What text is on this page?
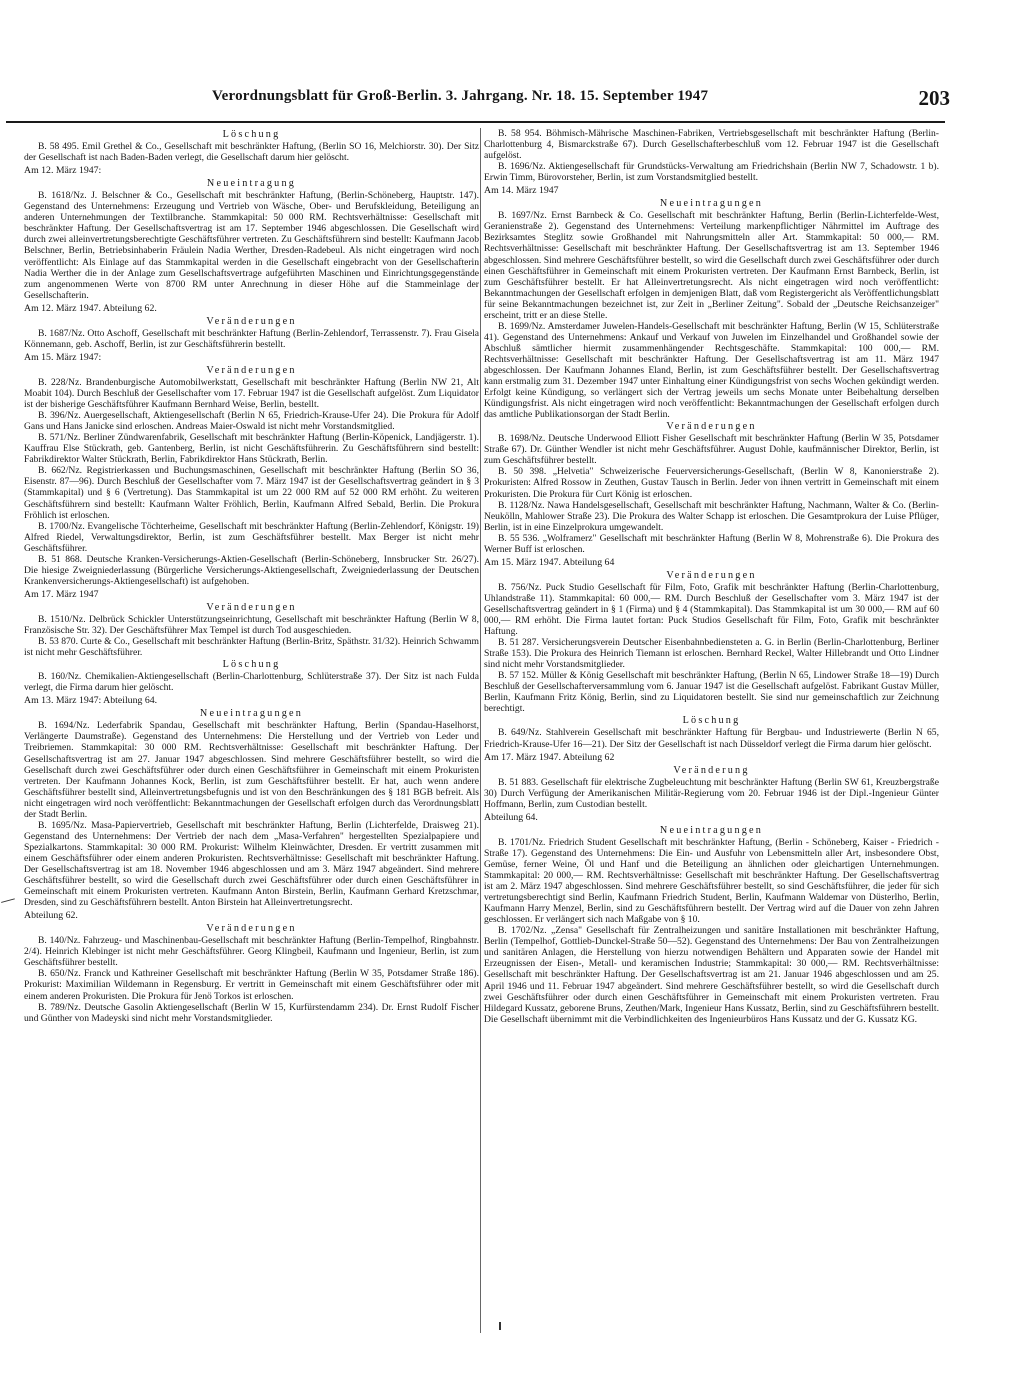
Verordnungsblatt für Groß-Berlin. 3. Jahrgang. Nr. 18. 15. September 1947	203

Löschung

B. 58 495. Emil Grethel & Co., Gesellschaft mit beschränkter Haftung, (Berlin SO 16, Melchiorstr. 30). Der Sitz der Gesellschaft ist nach Baden-Baden verlegt, die Gesellschaft darum hier gelöscht.

Am 12. März 1947:

Neueintragung

B. 1618/Nz. J. Belschner & Co., Gesellschaft mit beschränkter Haftung, (Berlin-Schöneberg, Hauptstr. 147). Gegenstand des Unternehmens: Erzeugung und Vertrieb von Wäsche, Ober- und Berufskleidung, Beteiligung an anderen Unternehmungen der Textilbranche. Stammkapital: 50 000 RM. Rechtsverhältnisse: Gesellschaft mit beschränkter Haftung. Der Gesellschaftsvertrag ist am 17. September 1946 abgeschlossen. Die Gesellschaft wird durch zwei alleinvertretungsberechtigte Geschäftsführer vertreten. Zu Geschäftsführern sind bestellt: Kaufmann Jacob Belschner, Berlin, Betriebsinhaberin Fräulein Nadia Werther, Dresden-Radebeul. Als nicht eingetragen wird noch veröffentlicht: Als Einlage auf das Stammkapital werden in die Gesellschaft eingebracht von der Gesellschafterin Nadia Werther die in der Anlage zum Gesellschaftsvertrage aufgeführten Maschinen und Einrichtungsgegenstände zum angenommenen Werte von 8700 RM unter Anrechnung in dieser Höhe auf die Stammeinlage der Gesellschafterin.

Am 12. März 1947. Abteilung 62.

Veränderungen

B. 1687/Nz. Otto Aschoff, Gesellschaft mit beschränkter Haftung (Berlin-Zehlendorf, Terrassenstr. 7). Frau Gisela Könnemann, geb. Aschoff, Berlin, ist zur Geschäftsführerin bestellt.

Am 15. März 1947:

Veränderungen

B. 228/Nz. Brandenburgische Automobilwerkstatt, Gesellschaft mit beschränkter Haftung (Berlin NW 21, Alt Moabit 104). Durch Beschluß der Gesellschafter vom 17. Februar 1947 ist die Gesellschaft aufgelöst. Zum Liquidator ist der bisherige Geschäftsführer Kaufmann Bernhard Weise, Berlin, bestellt.

B. 396/Nz. Auergesellschaft, Aktiengesellschaft (Berlin N 65, Friedrich-Krause-Ufer 24). Die Prokura für Adolf Gans und Hans Janicke sind erloschen. Andreas Maier-Oswald ist nicht mehr Vorstandsmitglied.

B. 571/Nz. Berliner Zündwarenfabrik, Gesellschaft mit beschränkter Haftung (Berlin-Köpenick, Landjägerstr. 1). Kauffrau Else Stückrath, geb. Gantenberg, Berlin, ist nicht Geschäftsführerin. Zu Geschäftsführern sind bestellt: Fabrikdirektor Walter Stückrath, Berlin, Fabrikdirektor Hans Stückrath, Berlin.

B. 662/Nz. Registrierkassen und Buchungsmaschinen, Gesellschaft mit beschränkter Haftung (Berlin SO 36, Eisenstr. 87—96). Durch Beschluß der Gesellschafter vom 7. März 1947 ist der Gesellschaftsvertrag geändert in § 3 (Stammkapital) und § 6 (Vertretung). Das Stammkapital ist um 22 000 RM auf 52 000 RM erhöht. Zu weiteren Geschäftsführern sind bestellt: Kaufmann Walter Fröhlich, Berlin, Kaufmann Alfred Sebald, Berlin. Die Prokura Fröhlich ist erloschen.

B. 1700/Nz. Evangelische Töchterheime, Gesellschaft mit beschränkter Haftung (Berlin-Zehlendorf, Königstr. 19) Alfred Riedel, Verwaltungsdirektor, Berlin, ist zum Geschäftsführer bestellt. Max Berger ist nicht mehr Geschäftsführer.

B. 51 868. Deutsche Kranken-Versicherungs-Aktien-Gesellschaft (Berlin-Schöneberg, Innsbrucker Str. 26/27). Die hiesige Zweigniederlassung (Bürgerliche Versicherungs-Aktiengesellschaft, Zweigniederlassung der Deutschen Krankenversicherungs-Aktiengesellschaft) ist aufgehoben.

Am 17. März 1947

Veränderungen

B. 1510/Nz. Delbrück Schickler Unterstützungseinrichtung, Gesellschaft mit beschränkter Haftung (Berlin W 8, Französische Str. 32). Der Geschäftsführer Max Tempel ist durch Tod ausgeschieden.

B. 53 870. Curte & Co., Gesellschaft mit beschränkter Haftung (Berlin-Britz, Späthstr. 31/32). Heinrich Schwamm ist nicht mehr Geschäftsführer.

Löschung

B. 160/Nz. Chemikalien-Aktiengesellschaft (Berlin-Charlottenburg, Schlüterstraße 37). Der Sitz ist nach Fulda verlegt, die Firma darum hier gelöscht.

Am 13. März 1947: Abteilung 64.

Neueintragungen

B. 1694/Nz. Lederfabrik Spandau, Gesellschaft mit beschränkter Haftung, Berlin (Spandau-Haselhorst, Verlängerte Daumstraße). Gegenstand des Unternehmens: Die Herstellung und der Vertrieb von Leder und Treibriemen. Stammkapital: 30 000 RM. Rechtsverhältnisse: Gesellschaft mit beschränkter Haftung. Der Gesellschaftsvertrag ist am 27. Januar 1947 abgeschlossen. Sind mehrere Geschäftsführer bestellt, so wird die Gesellschaft durch zwei Geschäftsführer oder durch einen Geschäftsführer in Gemeinschaft mit einem Prokuristen vertreten. Der Kaufmann Johannes Kock, Berlin, ist zum Geschäftsführer bestellt. Er hat, auch wenn andere Geschäftsführer bestellt sind, Alleinvertretungsbefugnis und ist von den Beschränkungen des § 181 BGB befreit. Als nicht eingetragen wird noch veröffentlicht: Bekanntmachungen der Gesellschaft erfolgen durch das Verordnungsblatt der Stadt Berlin.

B. 1695/Nz. Masa-Papiervertrieb, Gesellschaft mit beschränkter Haftung, Berlin (Lichterfelde, Draisweg 21). Gegenstand des Unternehmens: Der Vertrieb der nach dem „Masa-Verfahren" hergestellten Spezialpapiere und Spezialkartons. Stammkapital: 30 000 RM. Prokurist: Wilhelm Kleinwächter, Dresden. Er vertritt zusammen mit einem Geschäftsführer oder einem anderen Prokuristen. Rechtsverhältnisse: Gesellschaft mit beschränkter Haftung. Der Gesellschaftsvertrag ist am 18. November 1946 abgeschlossen und am 3. März 1947 abgeändert. Sind mehrere Geschäftsführer bestellt, so wird die Gesellschaft durch zwei Geschäftsführer oder durch einen Geschäftsführer in Gemeinschaft mit einem Prokuristen vertreten. Kaufmann Anton Birstein, Berlin, Kaufmann Gerhard Kretzschmar, Dresden, sind zu Geschäftsführern bestellt. Anton Birstein hat Alleinvertretungsrecht.

Abteilung 62.

Veränderungen

B. 140/Nz. Fahrzeug- und Maschinenbau-Gesellschaft mit beschränkter Haftung (Berlin-Tempelhof, Ringbahnstr. 2/4). Heinrich Klebinger ist nicht mehr Geschäftsführer. Georg Klingbeil, Kaufmann und Ingenieur, Berlin, ist zum Geschäftsführer bestellt.

B. 650/Nz. Franck und Kathreiner Gesellschaft mit beschränkter Haftung (Berlin W 35, Potsdamer Straße 186). Prokurist: Maximilian Wildemann in Regensburg. Er vertritt in Gemeinschaft mit einem Geschäftsführer oder mit einem anderen Prokuristen. Die Prokura für Jenö Torkos ist erloschen.

B. 789/Nz. Deutsche Gasolin Aktiengesellschaft (Berlin W 15, Kurfürstendamm 234). Dr. Ernst Rudolf Fischer und Günther von Madeyski sind nicht mehr Vorstandsmitglieder.

B. 58 954. Böhmisch-Mährische Maschinen-Fabriken, Vertriebsgesellschaft mit beschränkter Haftung (Berlin-Charlottenburg 4, Bismarckstraße 67). Durch Gesellschafterbeschluß vom 12. Februar 1947 ist die Gesellschaft aufgelöst.

B. 1696/Nz. Aktiengesellschaft für Grundstücks-Verwaltung am Friedrichshain (Berlin NW 7, Schadowstr. 1 b). Erwin Timm, Bürovorsteher, Berlin, ist zum Vorstandsmitglied bestellt.

Am 14. März 1947

Neueintragungen

B. 1697/Nz. Ernst Barnbeck & Co. Gesellschaft mit beschränkter Haftung, Berlin (Berlin-Lichterfelde-West, Geranienstraße 2). Gegenstand des Unternehmens: Verteilung markenpflichtiger Nährmittel im Auftrage des Bezirksamtes Steglitz sowie Großhandel mit Nahrungsmitteln aller Art. Stammkapital: 50 000,— RM. Rechtsverhältnisse: Gesellschaft mit beschränkter Haftung. Der Gesellschaftsvertrag ist am 13. September 1946 abgeschlossen. Sind mehrere Geschäftsführer bestellt, so wird die Gesellschaft durch zwei Geschäftsführer oder durch einen Geschäftsführer in Gemeinschaft mit einem Prokuristen vertreten. Der Kaufmann Ernst Barnbeck, Berlin, ist zum Geschäftsführer bestellt. Er hat Alleinvertretungsrecht. Als nicht eingetragen wird noch veröffentlicht: Bekanntmachungen der Gesellschaft erfolgen in demjenigen Blatt, daß vom Registergericht als Veröffentlichungsblatt für seine Bekanntmachungen bezeichnet ist, zur Zeit in „Berliner Zeitung". Sobald der „Deutsche Reichsanzeiger" erscheint, tritt er an diese Stelle.

B. 1699/Nz. Amsterdamer Juwelen-Handels-Gesellschaft mit beschränkter Haftung, Berlin (W 15, Schlüterstraße 41). Gegenstand des Unternehmens: Ankauf und Verkauf von Juwelen im Einzelhandel und Großhandel sowie der Abschluß sämtlicher hiermit zusammenhängender Rechtsgeschäfte. Stammkapital: 100 000,— RM. Rechtsverhältnisse: Gesellschaft mit beschränkter Haftung. Der Gesellschaftsvertrag ist am 11. März 1947 abgeschlossen. Der Kaufmann Johannes Eland, Berlin, ist zum Geschäftsführer bestellt. Der Gesellschaftsvertrag kann erstmalig zum 31. Dezember 1947 unter Einhaltung einer Kündigungsfrist von sechs Wochen gekündigt werden. Erfolgt keine Kündigung, so verlängert sich der Vertrag jeweils um sechs Monate unter Beibehaltung derselben Kündigungsfrist. Als nicht eingetragen wird noch veröffentlicht: Bekanntmachungen der Gesellschaft erfolgen durch das amtliche Publikationsorgan der Stadt Berlin.

Veränderungen

B. 1698/Nz. Deutsche Underwood Elliott Fisher Gesellschaft mit beschränkter Haftung (Berlin W 35, Potsdamer Straße 67). Dr. Günther Wendler ist nicht mehr Geschäftsführer. August Dohle, kaufmännischer Direktor, Berlin, ist zum Geschäftsführer bestellt.

B. 50 398. „Helvetia" Schweizerische Feuerversicherungs-Gesellschaft, (Berlin W 8, Kanonierstraße 2). Prokuristen: Alfred Rossow in Zeuthen, Gustav Tausch in Berlin. Jeder von ihnen vertritt in Gemeinschaft mit einem Prokuristen. Die Prokura für Curt König ist erloschen.

B. 1128/Nz. Nawa Handelsgesellschaft, Gesellschaft mit beschränkter Haftung, Nachmann, Walter & Co. (Berlin-Neukölln, Mahlower Straße 23). Die Prokura des Walter Schapp ist erloschen. Die Gesamtprokura der Luise Pflüger, Berlin, ist in eine Einzelprokura umgewandelt.

B. 55 536. „Wolframerz" Gesellschaft mit beschränkter Haftung (Berlin W 8, Mohrenstraße 6). Die Prokura des Werner Buff ist erloschen.

Am 15. März 1947. Abteilung 64

Veränderungen

B. 756/Nz. Puck Studio Gesellschaft für Film, Foto, Grafik mit beschränkter Haftung (Berlin-Charlottenburg, Uhlandstraße 11). Stammkapital: 60 000,— RM. Durch Beschluß der Gesellschafter vom 3. März 1947 ist der Gesellschaftsvertrag geändert in § 1 (Firma) und § 4 (Stammkapital). Das Stammkapital ist um 30 000,— RM auf 60 000,— RM erhöht. Die Firma lautet fortan: Puck Studios Gesellschaft für Film, Foto, Grafik mit beschränkter Haftung.

B. 51 287. Versicherungsverein Deutscher Eisenbahnbediensteten a. G. in Berlin (Berlin-Charlottenburg, Berliner Straße 153). Die Prokura des Heinrich Tiemann ist erloschen. Bernhard Reckel, Walter Hillebrandt und Otto Lindner sind nicht mehr Vorstandsmitglieder.

B. 57 152. Müller & König Gesellschaft mit beschränkter Haftung, (Berlin N 65, Lindower Straße 18—19) Durch Beschluß der Gesellschafterversammlung vom 6. Januar 1947 ist die Gesellschaft aufgelöst. Fabrikant Gustav Müller, Berlin, Kaufmann Fritz König, Berlin, sind zu Liquidatoren bestellt. Sie sind nur gemeinschaftlich zur Zeichnung berechtigt.

Löschung

B. 649/Nz. Stahlverein Gesellschaft mit beschränkter Haftung für Bergbau- und Industriewerte (Berlin N 65, Friedrich-Krause-Ufer 16—21). Der Sitz der Gesellschaft ist nach Düsseldorf verlegt die Firma darum hier gelöscht.

Am 17. März 1947. Abteilung 62

Veränderung

B. 51 883. Gesellschaft für elektrische Zugbeleuchtung mit beschränkter Haftung (Berlin SW 61, Kreuzbergstraße 30) Durch Verfügung der Amerikanischen Militär-Regierung vom 20. Februar 1946 ist der Dipl.-Ingenieur Günter Hoffmann, Berlin, zum Custodian bestellt.

Abteilung 64.

Neueintragungen

B. 1701/Nz. Friedrich Student Gesellschaft mit beschränkter Haftung, (Berlin - Schöneberg, Kaiser - Friedrich - Straße 17). Gegenstand des Unternehmens: Die Ein- und Ausfuhr von Lebensmitteln aller Art, insbesondere Obst, Gemüse, ferner Weine, Öl und Hanf und die Beteiligung an ähnlichen oder gleichartigen Unternehmungen. Stammkapital: 20 000,— RM. Rechtsverhältnisse: Gesellschaft mit beschränkter Haftung. Der Gesellschaftsvertrag ist am 2. März 1947 abgeschlossen. Sind mehrere Geschäftsführer bestellt, so sind Geschäftsführer, die jeder für sich vertretungsberechtigt sind Berlin, Kaufmann Friedrich Student, Berlin, Kaufmann Waldemar von Düsterlho, Berlin, Kaufmann Harry Menzel, Berlin, sind zu Geschäftsführern bestellt. Der Vertrag wird auf die Dauer von zehn Jahren geschlossen. Er verlängert sich nach Maßgabe von § 10.

B. 1702/Nz. „Zensa" Gesellschaft für Zentralheizungen und sanitäre Installationen mit beschränkter Haftung, Berlin (Tempelhof, Gottlieb-Dunckel-Straße 50—52). Gegenstand des Unternehmens: Der Bau von Zentralheizungen und sanitären Anlagen, die Herstellung von hierzu notwendigen Behältern und Apparaten sowie der Handel mit Erzeugnissen der Eisen-, Metall- und keramischen Industrie; Stammkapital: 30 000,— RM. Rechtsverhältnisse: Gesellschaft mit beschränkter Haftung. Der Gesellschaftsvertrag ist am 21. Januar 1946 abgeschlossen und am 25. April 1946 und 11. Februar 1947 abgeändert. Sind mehrere Geschäftsführer bestellt, so wird die Gesellschaft durch zwei Geschäftsführer oder durch einen Geschäftsführer in Gemeinschaft mit einem Prokuristen vertreten. Frau Hildegard Kussatz, geborene Bruns, Zeuthen/Mark, Ingenieur Hans Kussatz, Berlin, sind zu Geschäftsführern bestellt. Die Gesellschaft übernimmt mit die Verbindlichkeiten des Ingenieurbüros Hans Kussatz und der G. Kussatz KG.
